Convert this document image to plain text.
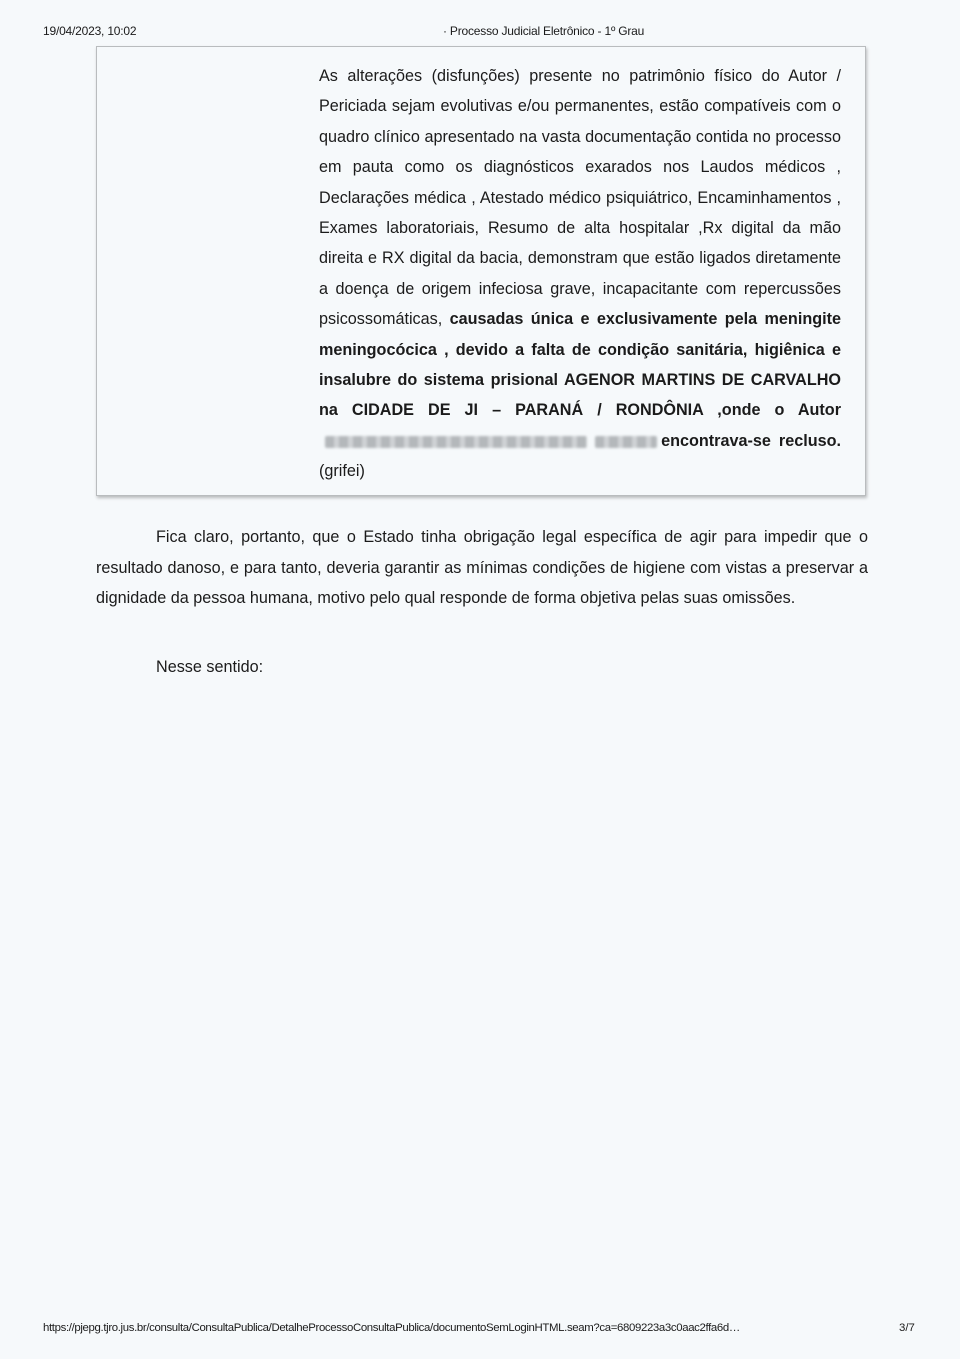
19/04/2023, 10:02	· Processo Judicial Eletrônico - 1º Grau
As alterações (disfunções) presente no patrimônio físico do Autor / Periciada sejam evolutivas e/ou permanentes, estão compatíveis com o quadro clínico apresentado na vasta documentação contida no processo em pauta como os diagnósticos exarados nos Laudos médicos , Declarações médica , Atestado médico psiquiátrico, Encaminhamentos , Exames laboratoriais, Resumo de alta hospitalar ,Rx digital da mão direita e RX digital da bacia, demonstram que estão ligados diretamente a doença de origem infeciosa grave, incapacitante com repercussões psicossomáticas, causadas única e exclusivamente pela meningite meningocócica , devido a falta de condição sanitária, higiênica e insalubre do sistema prisional AGENOR MARTINS DE CARVALHO na CIDADE DE JI – PARANÁ / RONDÔNIA ,onde o Autor encontrava-se recluso. (grifei)
Fica claro, portanto, que o Estado tinha obrigação legal específica de agir para impedir que o resultado danoso, e para tanto, deveria garantir as mínimas condições de higiene com vistas a preservar a dignidade da pessoa humana, motivo pelo qual responde de forma objetiva pelas suas omissões.
Nesse sentido:
https://pjepg.tjro.jus.br/consulta/ConsultaPublica/DetalheProcessoConsultaPublica/documentoSemLoginHTML.seam?ca=6809223a3c0aac2ffa6d…	3/7
